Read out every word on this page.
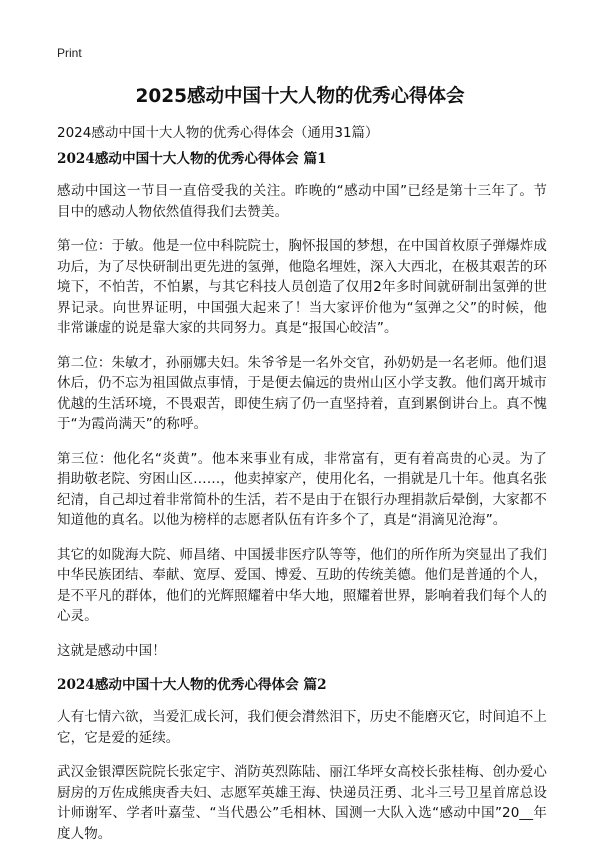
Print
2025感动中国十大人物的优秀心得体会

2024感动中国十大人物的优秀心得体会（通用31篇）

2024感动中国十大人物的优秀心得体会 篇1

感动中国这一节目一直倍受我的关注。昨晚的“感动中国”已经是第十三年了。节目中的感动人物依然值得我们去赞美。

第一位：于敏。他是一位中科院院士，胸怀报国的梦想，在中国首枚原子弹爆炸成功后，为了尽快研制出更先进的氢弹，他隐名埋姓，深入大西北，在极其艰苦的环境下，不怕苦，不怕累，与其它科技人员创造了仅用2年多时间就研制出氢弹的世界记录。向世界证明，中国强大起来了！当大家评价他为“氢弹之父”的时候，他非常谦虚的说是靠大家的共同努力。真是“报国心皎洁”。

第二位：朱敏才，孙丽娜夫妇。朱爷爷是一名外交官，孙奶奶是一名老师。他们退休后，仍不忘为祖国做点事情，于是便去偏远的贵州山区小学支教。他们离开城市优越的生活环境，不畏艰苦，即使生病了仍一直坚持着，直到累倒讲台上。真不愧于“为霞尚满天”的称呼。

第三位：他化名“炎黄”。他本来事业有成，非常富有，更有着高贵的心灵。为了捐助敬老院、穷困山区……，他卖掉家产，使用化名，一捐就是几十年。他真名张纪清，自己却过着非常简朴的生活，若不是由于在银行办理捐款后晕倒，大家都不知道他的真名。以他为榜样的志愿者队伍有许多个了，真是“涓滴见沧海”。

其它的如陇海大院、师昌绪、中国援非医疗队等等，他们的所作所为突显出了我们中华民族团结、奉献、宽厚、爱国、博爱、互助的传统美德。他们是普通的个人，是不平凡的群体，他们的光辉照耀着中华大地，照耀着世界，影响着我们每个人的心灵。

这就是感动中国！

2024感动中国十大人物的优秀心得体会 篇2

人有七情六欲，当爱汇成长河，我们便会潸然泪下，历史不能磨灭它，时间追不上它，它是爱的延续。

武汉金银潭医院院长张定宇、消防英烈陈陆、丽江华坪女高校长张桂梅、创办爱心厨房的万佐成熊庚香夫妇、志愿军英雄王海、快递员汪勇、北斗三号卫星首席总设计师谢军、学者叶嘉莹、“当代愚公”毛相林、国测一大队入选“感动中国”20__年度人物。
